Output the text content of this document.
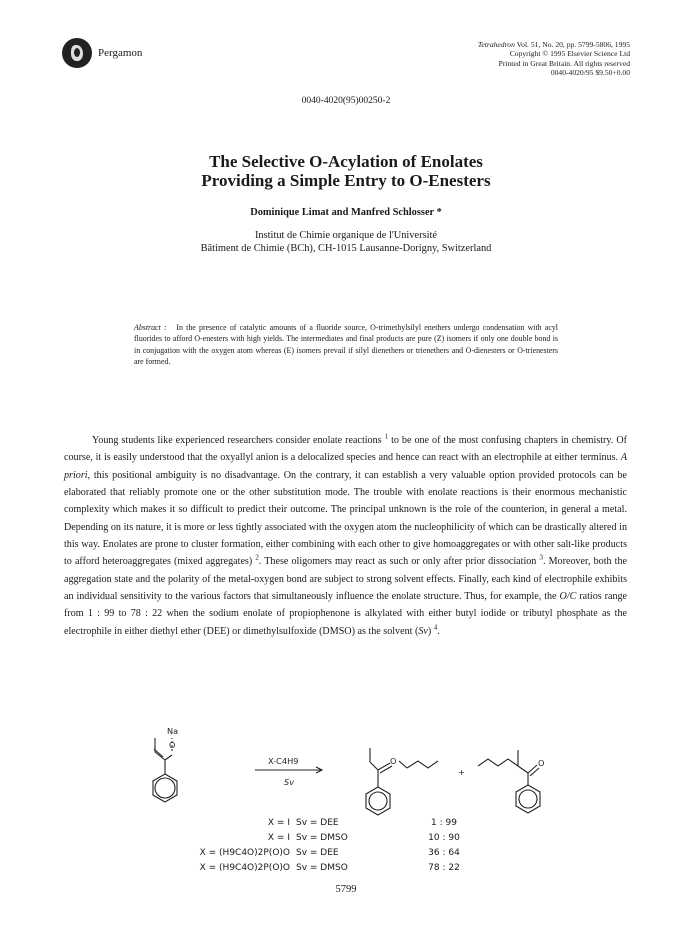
Pergamon
Tetrahedron Vol. 51, No. 20, pp. 5799-5806, 1995
Copyright © 1995 Elsevier Science Ltd
Printed in Great Britain. All rights reserved
0040-4020/95 $9.50+0.00
0040-4020(95)00250-2
The Selective O-Acylation of Enolates
Providing a Simple Entry to O-Enesters
Dominique Limat and Manfred Schlosser *
Institut de Chimie organique de l'Université
Bâtiment de Chimie (BCh), CH-1015 Lausanne-Dorigny, Switzerland
Abstract : In the presence of catalytic amounts of a fluoride source, O-trimethylsilyl enethers undergo condensation with acyl fluorides to afford O-enesters with high yields. The intermediates and final products are pure (Z) isomers if only one double bond is in conjugation with the oxygen atom whereas (E) isomers prevail if silyl dienethers or trienethers and O-dienesters or O-trienesters are formed.

Young students like experienced researchers consider enolate reactions $^1$ to be one of the most confusing chapters in chemistry. Of course, it is easily understood that the oxyallyl anion is a delocalized species and hence can react with an electrophile at either terminus. A priori, this positional ambiguity is no disadvantage. On the contrary, it can establish a very valuable option provided protocols can be elaborated that reliably promote one or the other substitution mode. The trouble with enolate reactions is their enormous mechanistic complexity which makes it so difficult to predict their outcome. The principal unknown is the role of the counterion, in general a metal. Depending on its nature, it is more or less tightly associated with the oxygen atom the nucleophilicity of which can be drastically altered in this way. Enolates are prone to cluster formation, either combining with each other to give homoaggregates or with other salt-like products to afford heteroaggregates (mixed aggregates) $^2$. These oligomers may react as such or only after prior dissociation $^3$. Moreover, both the aggregation state and the polarity of the metal-oxygen bond are subject to strong solvent effects. Finally, each kind of electrophile exhibits an individual sensitivity to the various factors that simultaneously influence the enolate structure. Thus, for example, the O/C ratios range from 1 : 99 to 78 : 22 when the sodium enolate of propiophenone is alkylated with either butyl iodide or tributyl phosphate as the electrophile in either diethyl ether (DEE) or dimethylsulfoxide (DMSO) as the solvent (Sv) $^4$.

Na
O
O	O
X-C4H9
Sv
+
X = I Sv = DEE	1 : 99
X = I Sv = DMSO	10 : 90
X = (H9C4O)2P(O)O Sv = DEE	36 : 64
X = (H9C4O)2P(O)O Sv = DMSO	78 : 22
5799
